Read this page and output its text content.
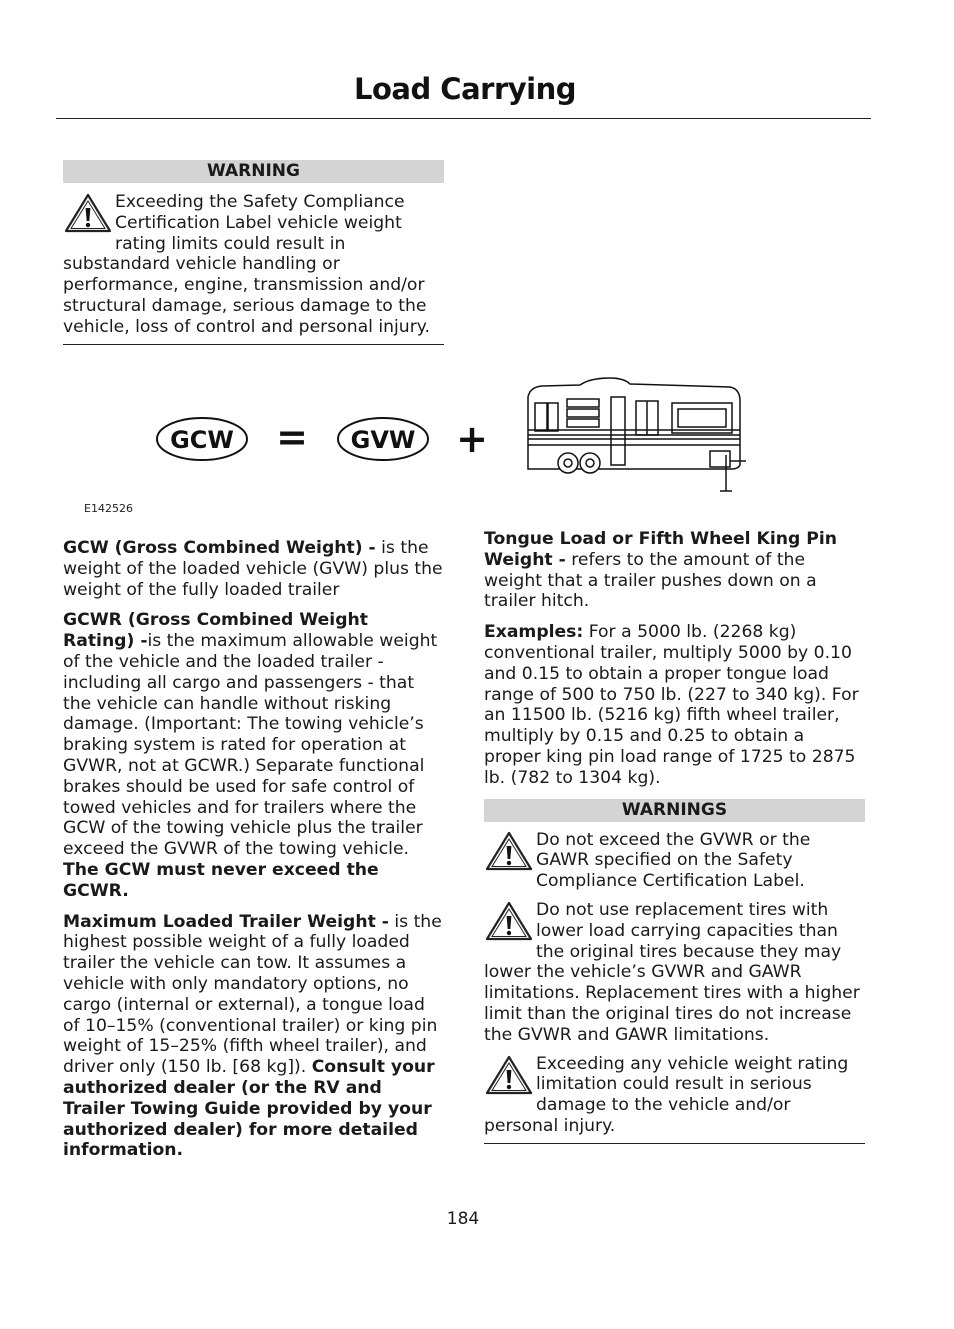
Load Carrying
WARNING

Exceeding the Safety Compliance Certification Label vehicle weight rating limits could result in substandard vehicle handling or performance, engine, transmission and/or structural damage, serious damage to the vehicle, loss of control and personal injury.

GCW = GVW +
E142526

GCW (Gross Combined Weight) - is the weight of the loaded vehicle (GVW) plus the weight of the fully loaded trailer

GCWR (Gross Combined Weight Rating) -is the maximum allowable weight of the vehicle and the loaded trailer -including all cargo and passengers - that the vehicle can handle without risking damage. (Important: The towing vehicle’s braking system is rated for operation at GVWR, not at GCWR.) Separate functional brakes should be used for safe control of towed vehicles and for trailers where the GCW of the towing vehicle plus the trailer exceed the GVWR of the towing vehicle. The GCW must never exceed the GCWR.

Maximum Loaded Trailer Weight - is the highest possible weight of a fully loaded trailer the vehicle can tow. It assumes a vehicle with only mandatory options, no cargo (internal or external), a tongue load of 10–15% (conventional trailer) or king pin weight of 15–25% (fifth wheel trailer), and driver only (150 lb. [68 kg]). Consult your authorized dealer (or the RV and Trailer Towing Guide provided by your authorized dealer) for more detailed information.

Tongue Load or Fifth Wheel King Pin Weight - refers to the amount of the weight that a trailer pushes down on a trailer hitch.

Examples: For a 5000 lb. (2268 kg) conventional trailer, multiply 5000 by 0.10 and 0.15 to obtain a proper tongue load range of 500 to 750 lb. (227 to 340 kg). For an 11500 lb. (5216 kg) fifth wheel trailer, multiply by 0.15 and 0.25 to obtain a proper king pin load range of 1725 to 2875 lb. (782 to 1304 kg).

WARNINGS

Do not exceed the GVWR or the GAWR specified on the Safety Compliance Certification Label.

Do not use replacement tires with lower load carrying capacities than the original tires because they may lower the vehicle’s GVWR and GAWR limitations. Replacement tires with a higher limit than the original tires do not increase the GVWR and GAWR limitations.

Exceeding any vehicle weight rating limitation could result in serious damage to the vehicle and/or personal injury.

184
